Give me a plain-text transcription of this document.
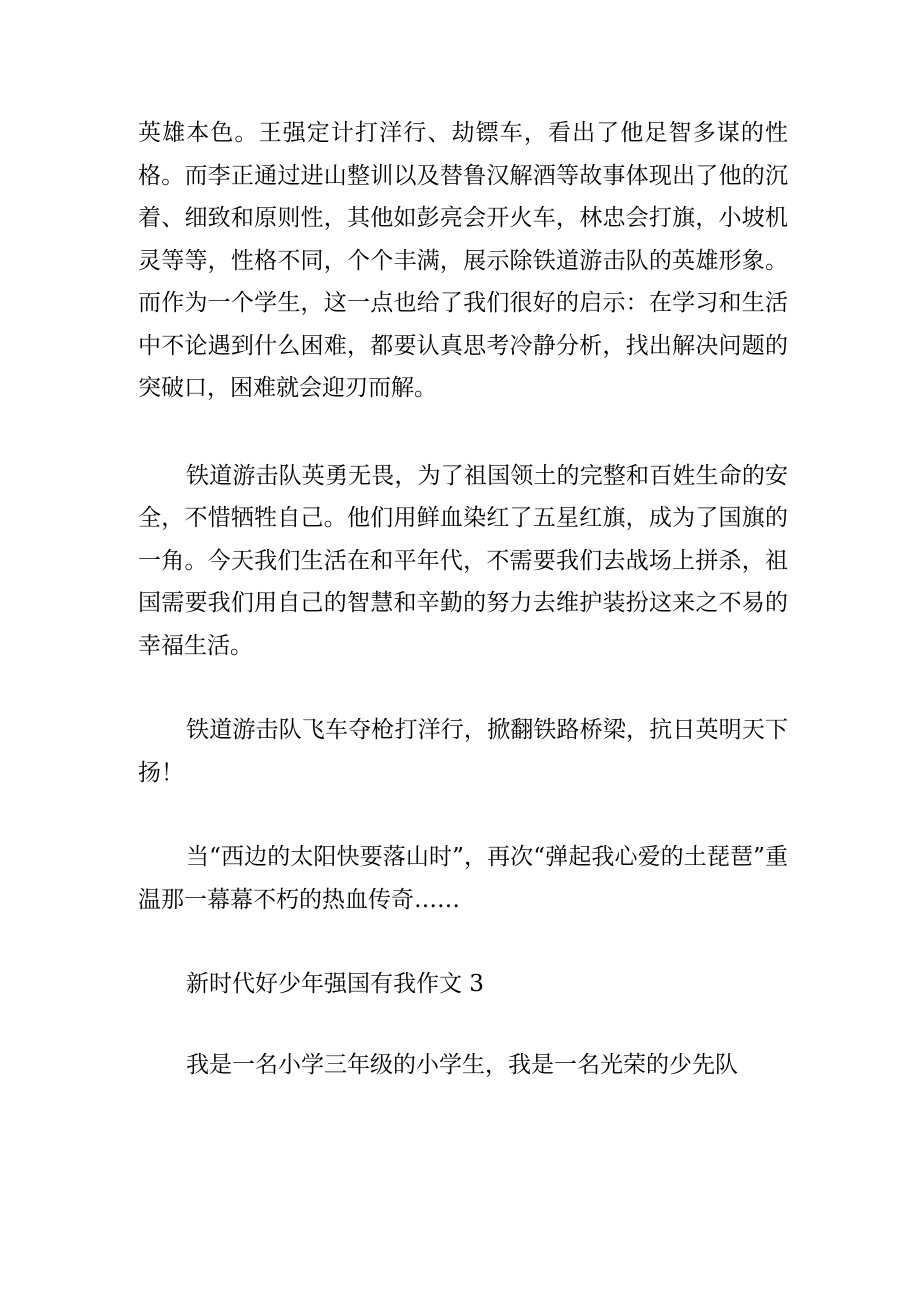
英雄本色。王强定计打洋行、劫镖车，看出了他足智多谋的性格。而李正通过进山整训以及替鲁汉解酒等故事体现出了他的沉着、细致和原则性，其他如彭亮会开火车，林忠会打旗，小坡机灵等等，性格不同，个个丰满，展示除铁道游击队的英雄形象。而作为一个学生，这一点也给了我们很好的启示：在学习和生活中不论遇到什么困难，都要认真思考冷静分析，找出解决问题的突破口，困难就会迎刃而解。

铁道游击队英勇无畏，为了祖国领土的完整和百姓生命的安全，不惜牺牲自己。他们用鲜血染红了五星红旗，成为了国旗的一角。今天我们生活在和平年代，不需要我们去战场上拼杀，祖国需要我们用自己的智慧和辛勤的努力去维护装扮这来之不易的幸福生活。

铁道游击队飞车夺枪打洋行，掀翻铁路桥梁，抗日英明天下扬！

当“西边的太阳快要落山时”，再次“弹起我心爱的土琵琶”重温那一幕幕不朽的热血传奇……

新时代好少年强国有我作文 3

我是一名小学三年级的小学生，我是一名光荣的少先队
